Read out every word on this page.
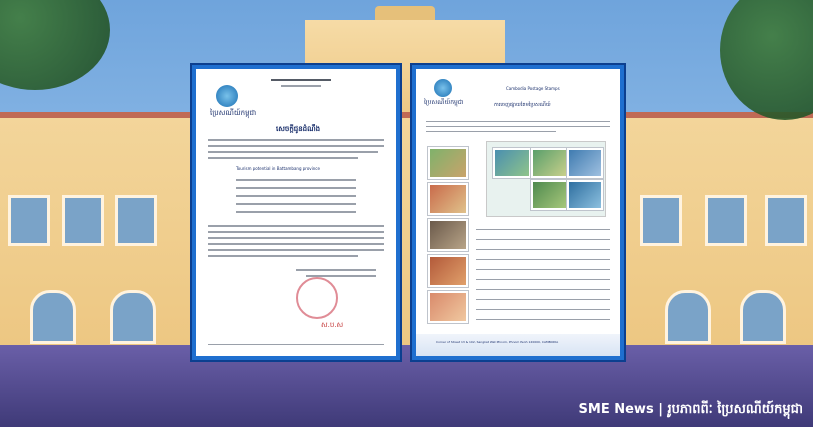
ប្រៃសណីយ៍កម្ពុជា
សេចក្ដីជូនដំណឹង
Tourism potential in Battambang province
ស.ប.ស
ប្រៃសណីយ៍កម្ពុជា
Cambodia Postage Stamps
ការចេញផ្សាយតែមប្រៃសណីយ៍
Corner of Street 13 & 102, Sangkat Wat Phnom, Phnom Penh 120000, CAMBODIA
SME News | រូបភាពពីៈ ប្រៃសណីយ៍កម្ពុជា
